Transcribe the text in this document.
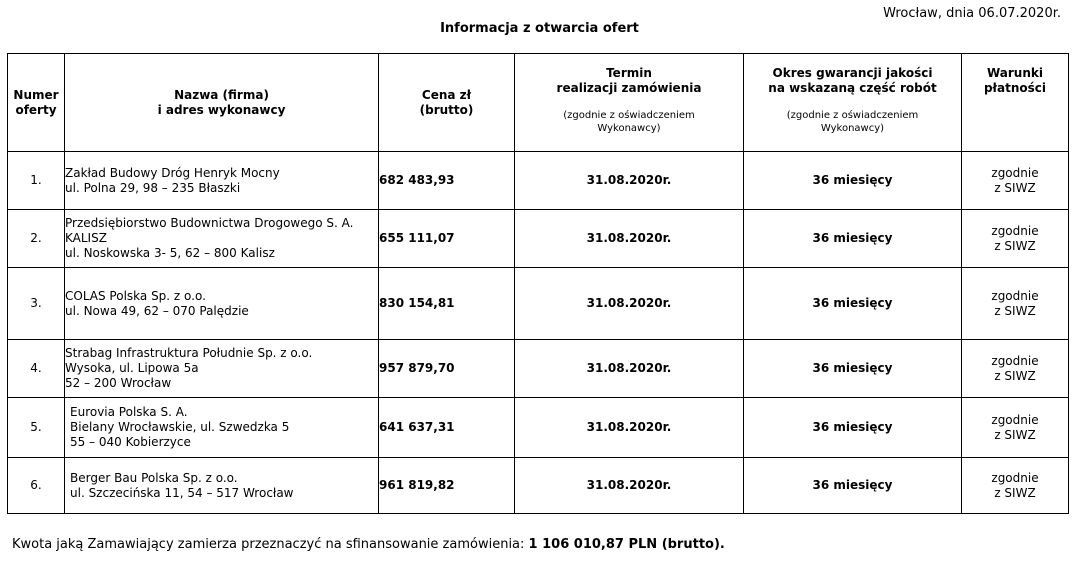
Wrocław, dnia 06.07.2020r.
Informacja z otwarcia ofert
Numer
oferty	Nazwa (firma)
i adres wykonawcy	Cena zł
(brutto)	Termin
realizacji zamówienia
(zgodnie z oświadczeniem
Wykonawcy)	Okres gwarancji jakości
na wskazaną część robót
(zgodnie z oświadczeniem
Wykonawcy)	Warunki
płatności

1.	Zakład Budowy Dróg Henryk Mocny
ul. Polna 29, 98 – 235 Błaszki	682 483,93	31.08.2020r.	36 miesięcy	zgodnie
z SIWZ

2.	Przedsiębiorstwo Budownictwa Drogowego S. A.
KALISZ
ul. Noskowska 3- 5, 62 – 800 Kalisz	655 111,07	31.08.2020r.	36 miesięcy	zgodnie
z SIWZ

3.	COLAS Polska Sp. z o.o.
ul. Nowa 49, 62 – 070 Palędzie	830 154,81	31.08.2020r.	36 miesięcy	zgodnie
z SIWZ

4.	Strabag Infrastruktura Południe Sp. z o.o.
Wysoka, ul. Lipowa 5a
52 – 200 Wrocław	957 879,70	31.08.2020r.	36 miesięcy	zgodnie
z SIWZ

5.	Eurovia Polska S. A.
Bielany Wrocławskie, ul. Szwedzka 5
55 – 040 Kobierzyce	641 637,31	31.08.2020r.	36 miesięcy	zgodnie
z SIWZ

6.	Berger Bau Polska Sp. z o.o.
ul. Szczecińska 11, 54 – 517 Wrocław	961 819,82	31.08.2020r.	36 miesięcy	zgodnie
z SIWZ
Kwota jaką Zamawiający zamierza przeznaczyć na sfinansowanie zamówienia: 1 106 010,87 PLN (brutto).
